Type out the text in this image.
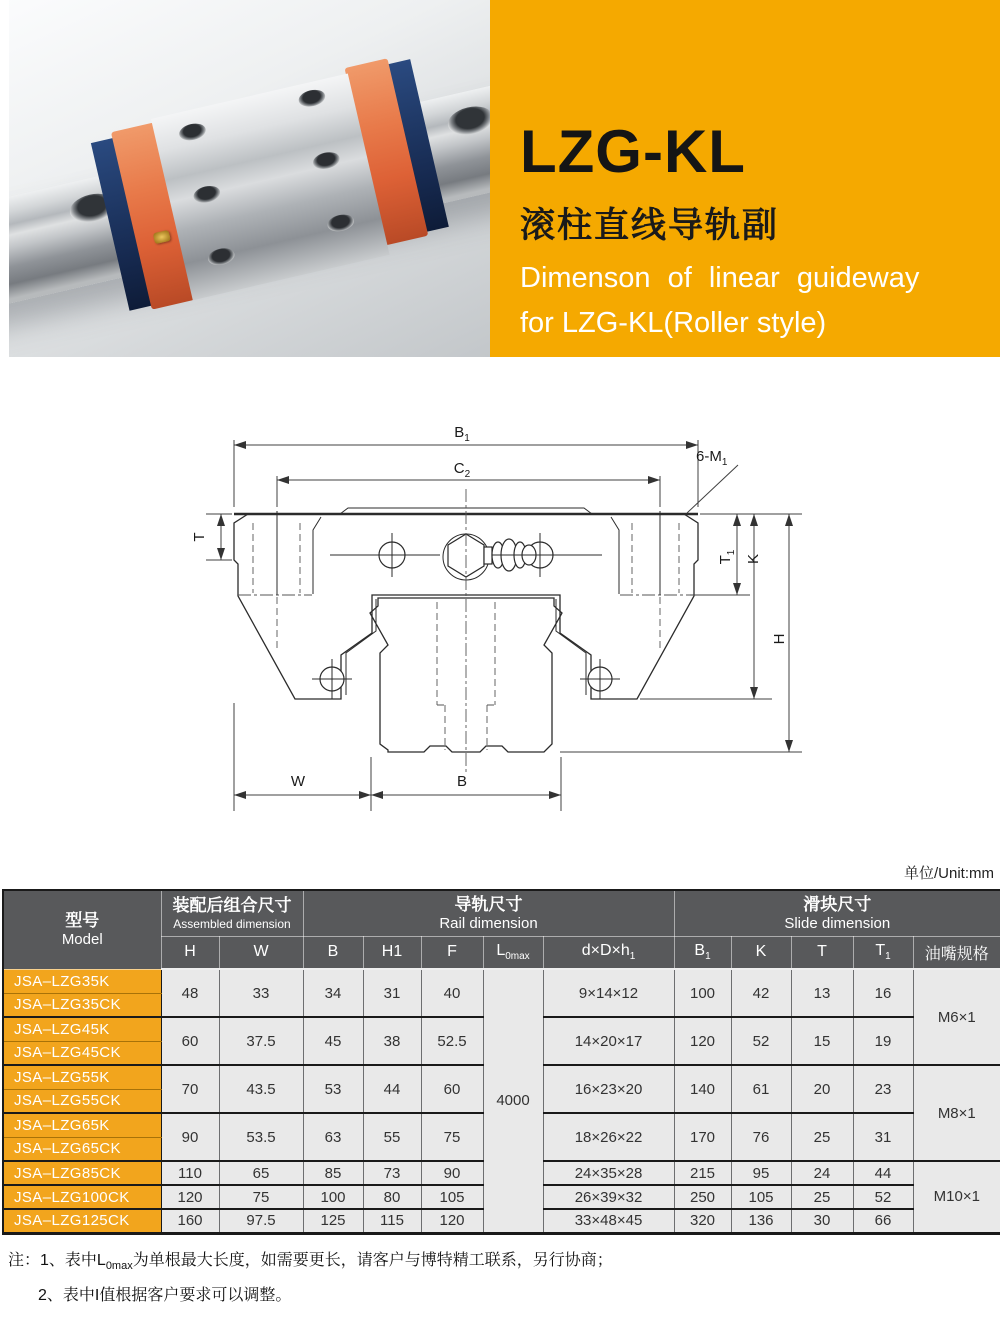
LZG-KL
滚柱直线导轨副
Dimenson of linear guideway
for LZG-KL(Roller style)
$B_1$
$C_2$
$6-M_1$
T
$T_1$
K
H
W	B
单位/Unit:mm
型号
Model	装配后组合尺寸
Assembled dimension		导轨尺寸
Rail dimension					滑块尺寸
Slide dimension				

	H	W	B	H1	F	$L_{0max}$	$d\times D\times h_1$	$B_1$	K	T	$T_1$	油嘴规格
JSA–LZG35K	48	33	34	31	40	4000	9×14×12	100	42	13	16	M6×1
JSA–LZG35CK												
JSA–LZG45K	60	37.5	45	38	52.5		14×20×17	120	52	15	19	
JSA–LZG45CK												
JSA–LZG55K	70	43.5	53	44	60		16×23×20	140	61	20	23	M8×1
JSA–LZG55CK												
JSA–LZG65K	90	53.5	63	55	75		18×26×22	170	76	25	31	
JSA–LZG65CK												
JSA–LZG85CK	110	65	85	73	90		24×35×28	215	95	24	44	M10×1
JSA–LZG100CK	120	75	100	80	105		26×39×32	250	105	25	52	
JSA–LZG125CK	160	97.5	125	115	120		33×48×45	320	136	30	66	
注：1、表中$L_{0max}$为单根最大长度，如需要更长，请客户与博特精工联系，另行协商；
2、表中I值根据客户要求可以调整。
